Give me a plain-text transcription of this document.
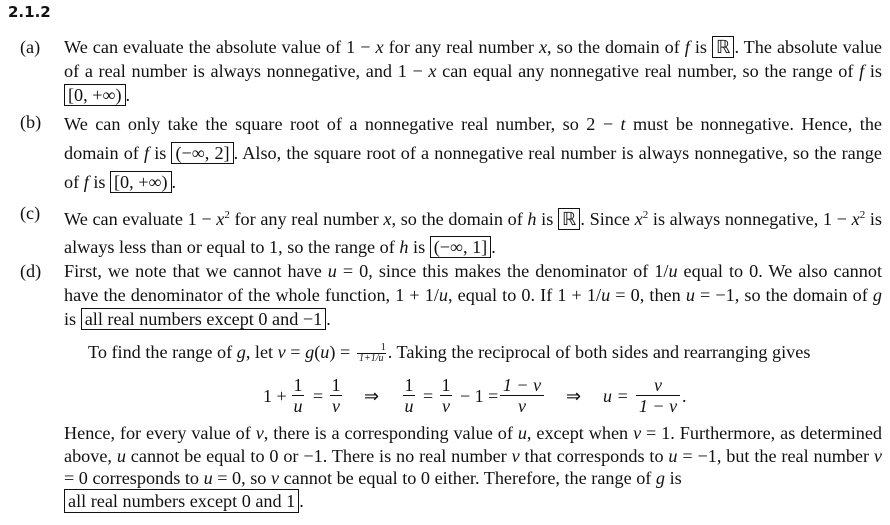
2.1.2
(a) We can evaluate the absolute value of 1 − x for any real number x, so the domain of f is ℝ . The absolute value of a real number is always nonnegative, and 1 − x can equal any nonnegative real number, so the range of f is [0, +∞) .
(b) We can only take the square root of a nonnegative real number, so 2 − t must be nonnegative. Hence, the domain of f is (−∞, 2] . Also, the square root of a nonnegative real number is always nonnegative, so the range of f is [0, +∞) .
(c) We can evaluate $1 - x^2$ for any real number x, so the domain of h is ℝ . Since $x^2$ is always nonnegative, $1 - x^2$ is always less than or equal to 1, so the range of h is (−∞, 1] .
(d) First, we note that we cannot have u = 0, since this makes the denominator of 1/u equal to 0. We also cannot have the denominator of the whole function, 1 + 1/u, equal to 0. If 1 + 1/u = 0, then u = −1, so the domain of g is all real numbers except 0 and −1 .

To find the range of g, let $v = g(u) = \frac{1}{1+1/u}$ . Taking the reciprocal of both sides and rearranging gives

1 +
1
u =
1
v ⇒
1
u =
1
v − 1 =
1 − v
v	⇒ u =
v
1 − v .

Hence, for every value of v, there is a corresponding value of u, except when v = 1. Furthermore, as determined above, u cannot be equal to 0 or −1. There is no real number v that corresponds to u = −1, but the real number v = 0 corresponds to u = 0, so v cannot be equal to 0 either. Therefore, the range of g is
all real numbers except 0 and 1 .
